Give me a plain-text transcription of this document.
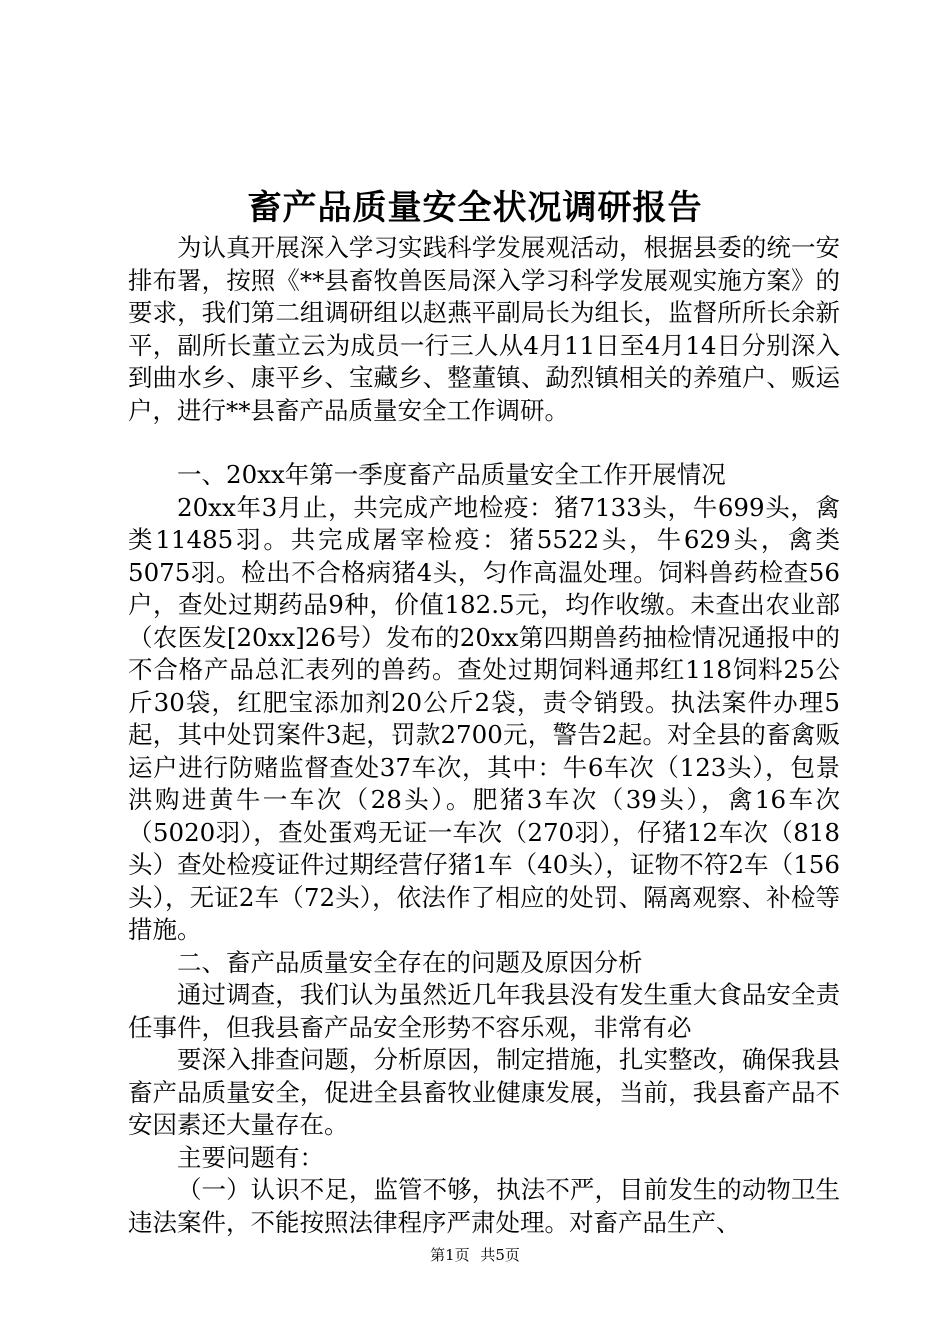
畜产品质量安全状况调研报告

为认真开展深入学习实践科学发展观活动，根据县委的统一安排布署，按照《**县畜牧兽医局深入学习科学发展观实施方案》的要求，我们第二组调研组以赵燕平副局长为组长，监督所所长余新平，副所长董立云为成员一行三人从4月11日至4月14日分别深入到曲水乡、康平乡、宝藏乡、整董镇、勐烈镇相关的养殖户、贩运户，进行**县畜产品质量安全工作调研。

一、20xx年第一季度畜产品质量安全工作开展情况

20xx年3月止，共完成产地检疫：猪7133头，牛699头，禽类11485羽。共完成屠宰检疫：猪5522头，牛629头，禽类5075羽。检出不合格病猪4头，匀作高温处理。饲料兽药检查56户，查处过期药品9种，价值182.5元，均作收缴。未查出农业部（农医发[20xx]26号）发布的20xx第四期兽药抽检情况通报中的不合格产品总汇表列的兽药。查处过期饲料通邦红118饲料25公斤30袋，红肥宝添加剂20公斤2袋，责令销毁。执法案件办理5起，其中处罚案件3起，罚款2700元，警告2起。对全县的畜禽贩运户进行防赌监督查处37车次，其中：牛6车次（123头），包景洪购进黄牛一车次（28头）。肥猪3车次（39头），禽16车次（5020羽），查处蛋鸡无证一车次（270羽），仔猪12车次（818头）查处检疫证件过期经营仔猪1车（40头），证物不符2车（156头），无证2车（72头），依法作了相应的处罚、隔离观察、补检等措施。

二、畜产品质量安全存在的问题及原因分析

通过调查，我们认为虽然近几年我县没有发生重大食品安全责任事件，但我县畜产品安全形势不容乐观，非常有必

要深入排查问题，分析原因，制定措施，扎实整改，确保我县畜产品质量安全，促进全县畜牧业健康发展，当前，我县畜产品不安因素还大量存在。

主要问题有：

（一）认识不足，监管不够，执法不严，目前发生的动物卫生违法案件，不能按照法律程序严肃处理。对畜产品生产、

第1页 共5页
